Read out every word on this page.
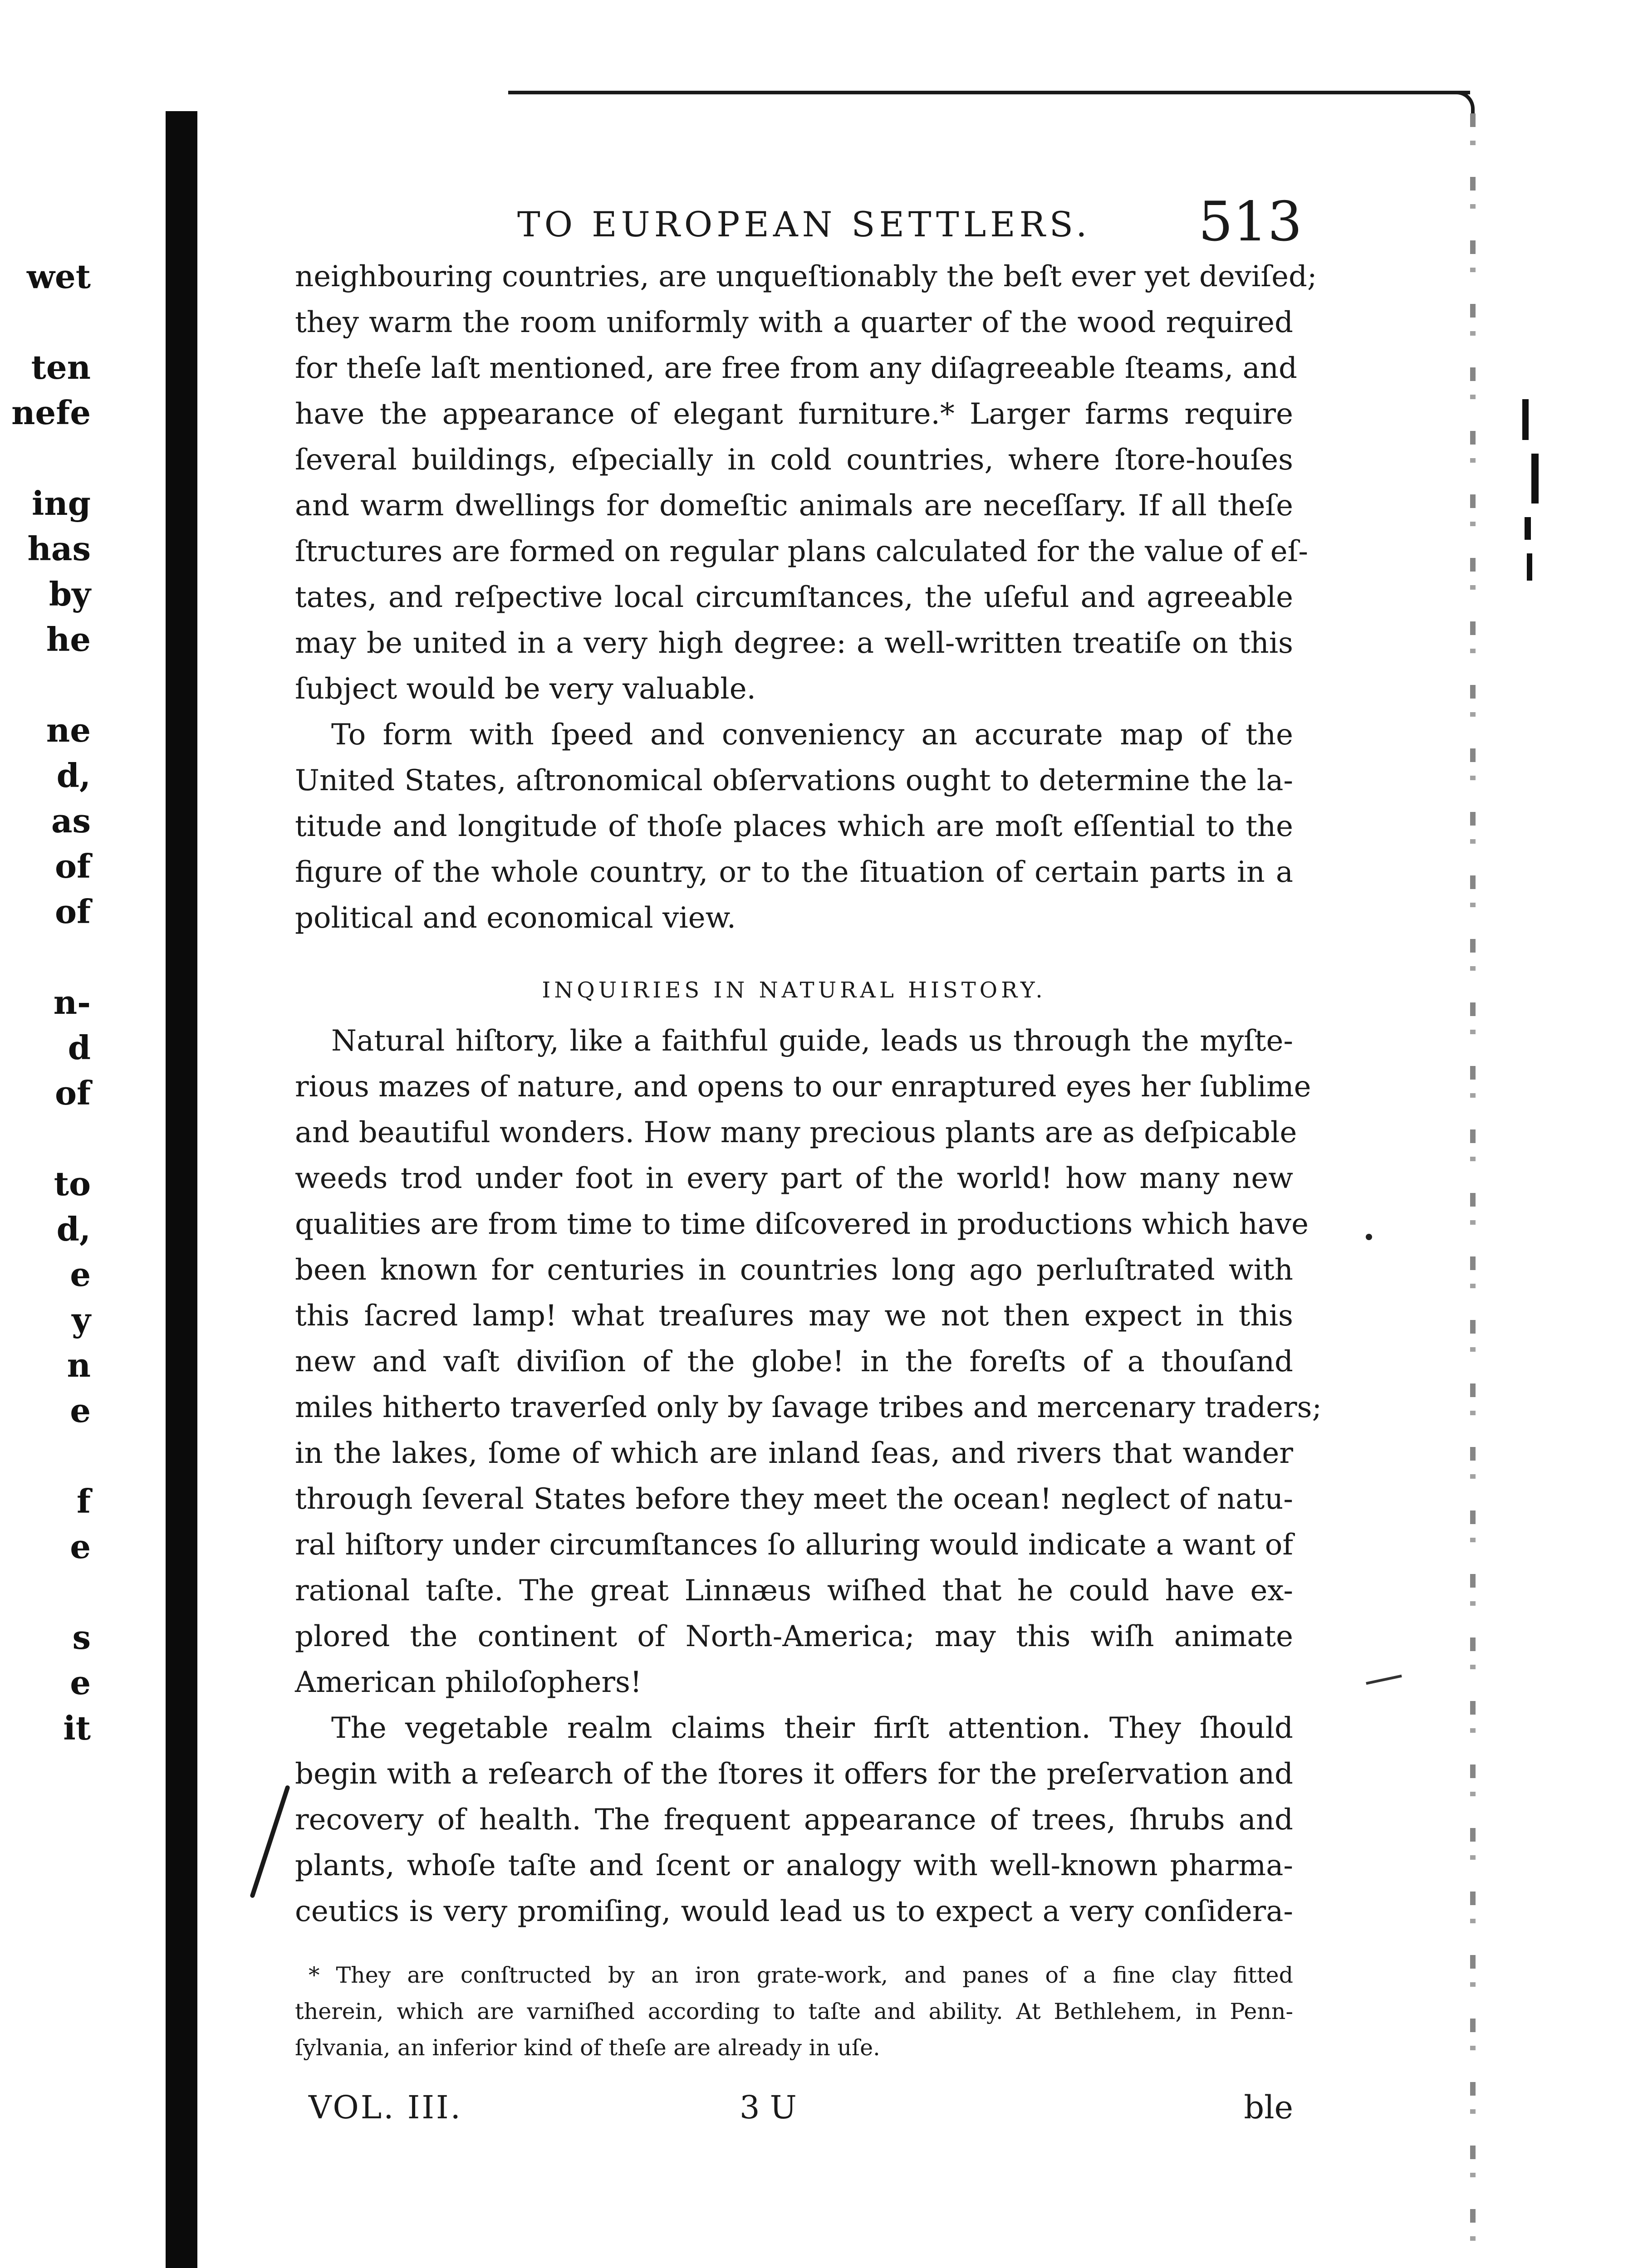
wet
ten
nefe
ing
has
by
he
ne
d,
as
of
of
n-
d
of
to
d,
e
y
n
e
f
e
s
e
it
TO EUROPEAN SETTLERS. 513

neighbouring countries, are unqueſtionably the beſt ever yet deviſed;
they warm the room uniformly with a quarter of the wood required
for theſe laſt mentioned, are free from any diſagreeable ſteams, and
have the appearance of elegant furniture.* Larger farms require
ſeveral buildings, eſpecially in cold countries, where ſtore-houſes
and warm dwellings for domeſtic animals are neceſſary. If all theſe
ſtructures are formed on regular plans calculated for the value of eſ-
tates, and reſpective local circumſtances, the uſeful and agreeable
may be united in a very high degree: a well-written treatiſe on this
ſubject would be very valuable.

To form with ſpeed and conveniency an accurate map of the
United States, aſtronomical obſervations ought to determine the la-
titude and longitude of thoſe places which are moſt eſſential to the
figure of the whole country, or to the ſituation of certain parts in a
political and economical view.

INQUIRIES IN NATURAL HISTORY.

Natural hiſtory, like a faithful guide, leads us through the myſte-
rious mazes of nature, and opens to our enraptured eyes her ſublime
and beautiful wonders. How many precious plants are as deſpicable
weeds trod under foot in every part of the world! how many new
qualities are from time to time diſcovered in productions which have
been known for centuries in countries long ago perluſtrated with
this ſacred lamp! what treaſures may we not then expect in this
new and vaſt diviſion of the globe! in the foreſts of a thouſand
miles hitherto traverſed only by ſavage tribes and mercenary traders;
in the lakes, ſome of which are inland ſeas, and rivers that wander
through ſeveral States before they meet the ocean! neglect of natu-
ral hiſtory under circumſtances ſo alluring would indicate a want of
rational taſte. The great Linnæus wiſhed that he could have ex-
plored the continent of North-America; may this wiſh animate
American philoſophers!

The vegetable realm claims their firſt attention. They ſhould
begin with a reſearch of the ſtores it offers for the preſervation and
recovery of health. The frequent appearance of trees, ſhrubs and
plants, whoſe taſte and ſcent or analogy with well-known pharma-
ceutics is very promiſing, would lead us to expect a very conſidera-

* They are conſtructed by an iron grate-work, and panes of a fine clay fitted
therein, which are varniſhed according to taſte and ability. At Bethlehem, in Penn-
ſylvania, an inferior kind of theſe are already in uſe.
VOL. III.	3 U	ble
